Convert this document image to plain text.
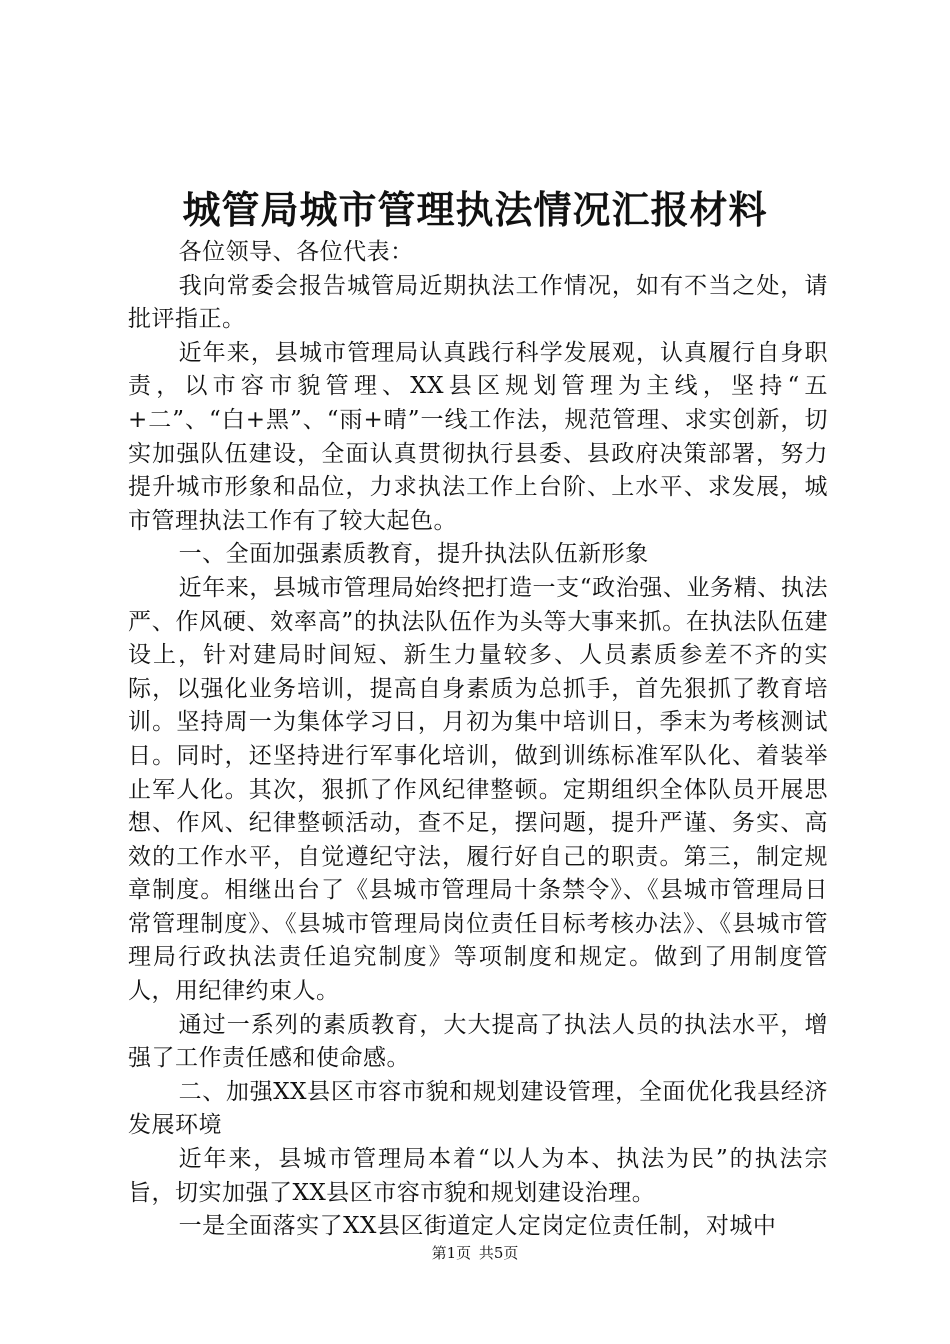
城管局城市管理执法情况汇报材料

各位领导、各位代表：

我向常委会报告城管局近期执法工作情况，如有不当之处，请批评指正。

近年来，县城市管理局认真践行科学发展观，认真履行自身职责，以市容市貌管理、XX县区规划管理为主线，坚持“五+二”、“白+黑”、“雨+晴”一线工作法，规范管理、求实创新，切实加强队伍建设，全面认真贯彻执行县委、县政府决策部署，努力提升城市形象和品位，力求执法工作上台阶、上水平、求发展，城市管理执法工作有了较大起色。

一、全面加强素质教育，提升执法队伍新形象

近年来，县城市管理局始终把打造一支“政治强、业务精、执法严、作风硬、效率高”的执法队伍作为头等大事来抓。在执法队伍建设上，针对建局时间短、新生力量较多、人员素质参差不齐的实际，以强化业务培训，提高自身素质为总抓手，首先狠抓了教育培训。坚持周一为集体学习日，月初为集中培训日，季末为考核测试日。同时，还坚持进行军事化培训，做到训练标准军队化、着装举止军人化。其次，狠抓了作风纪律整顿。定期组织全体队员开展思想、作风、纪律整顿活动，查不足，摆问题，提升严谨、务实、高效的工作水平，自觉遵纪守法，履行好自己的职责。第三，制定规章制度。相继出台了《县城市管理局十条禁令》、《县城市管理局日常管理制度》、《县城市管理局岗位责任目标考核办法》、《县城市管理局行政执法责任追究制度》等项制度和规定。做到了用制度管人，用纪律约束人。

通过一系列的素质教育，大大提高了执法人员的执法水平，增强了工作责任感和使命感。

二、加强XX县区市容市貌和规划建设管理，全面优化我县经济发展环境

近年来，县城市管理局本着“以人为本、执法为民”的执法宗旨，切实加强了XX县区市容市貌和规划建设治理。

一是全面落实了XX县区街道定人定岗定位责任制，对城中

第1页 共5页
